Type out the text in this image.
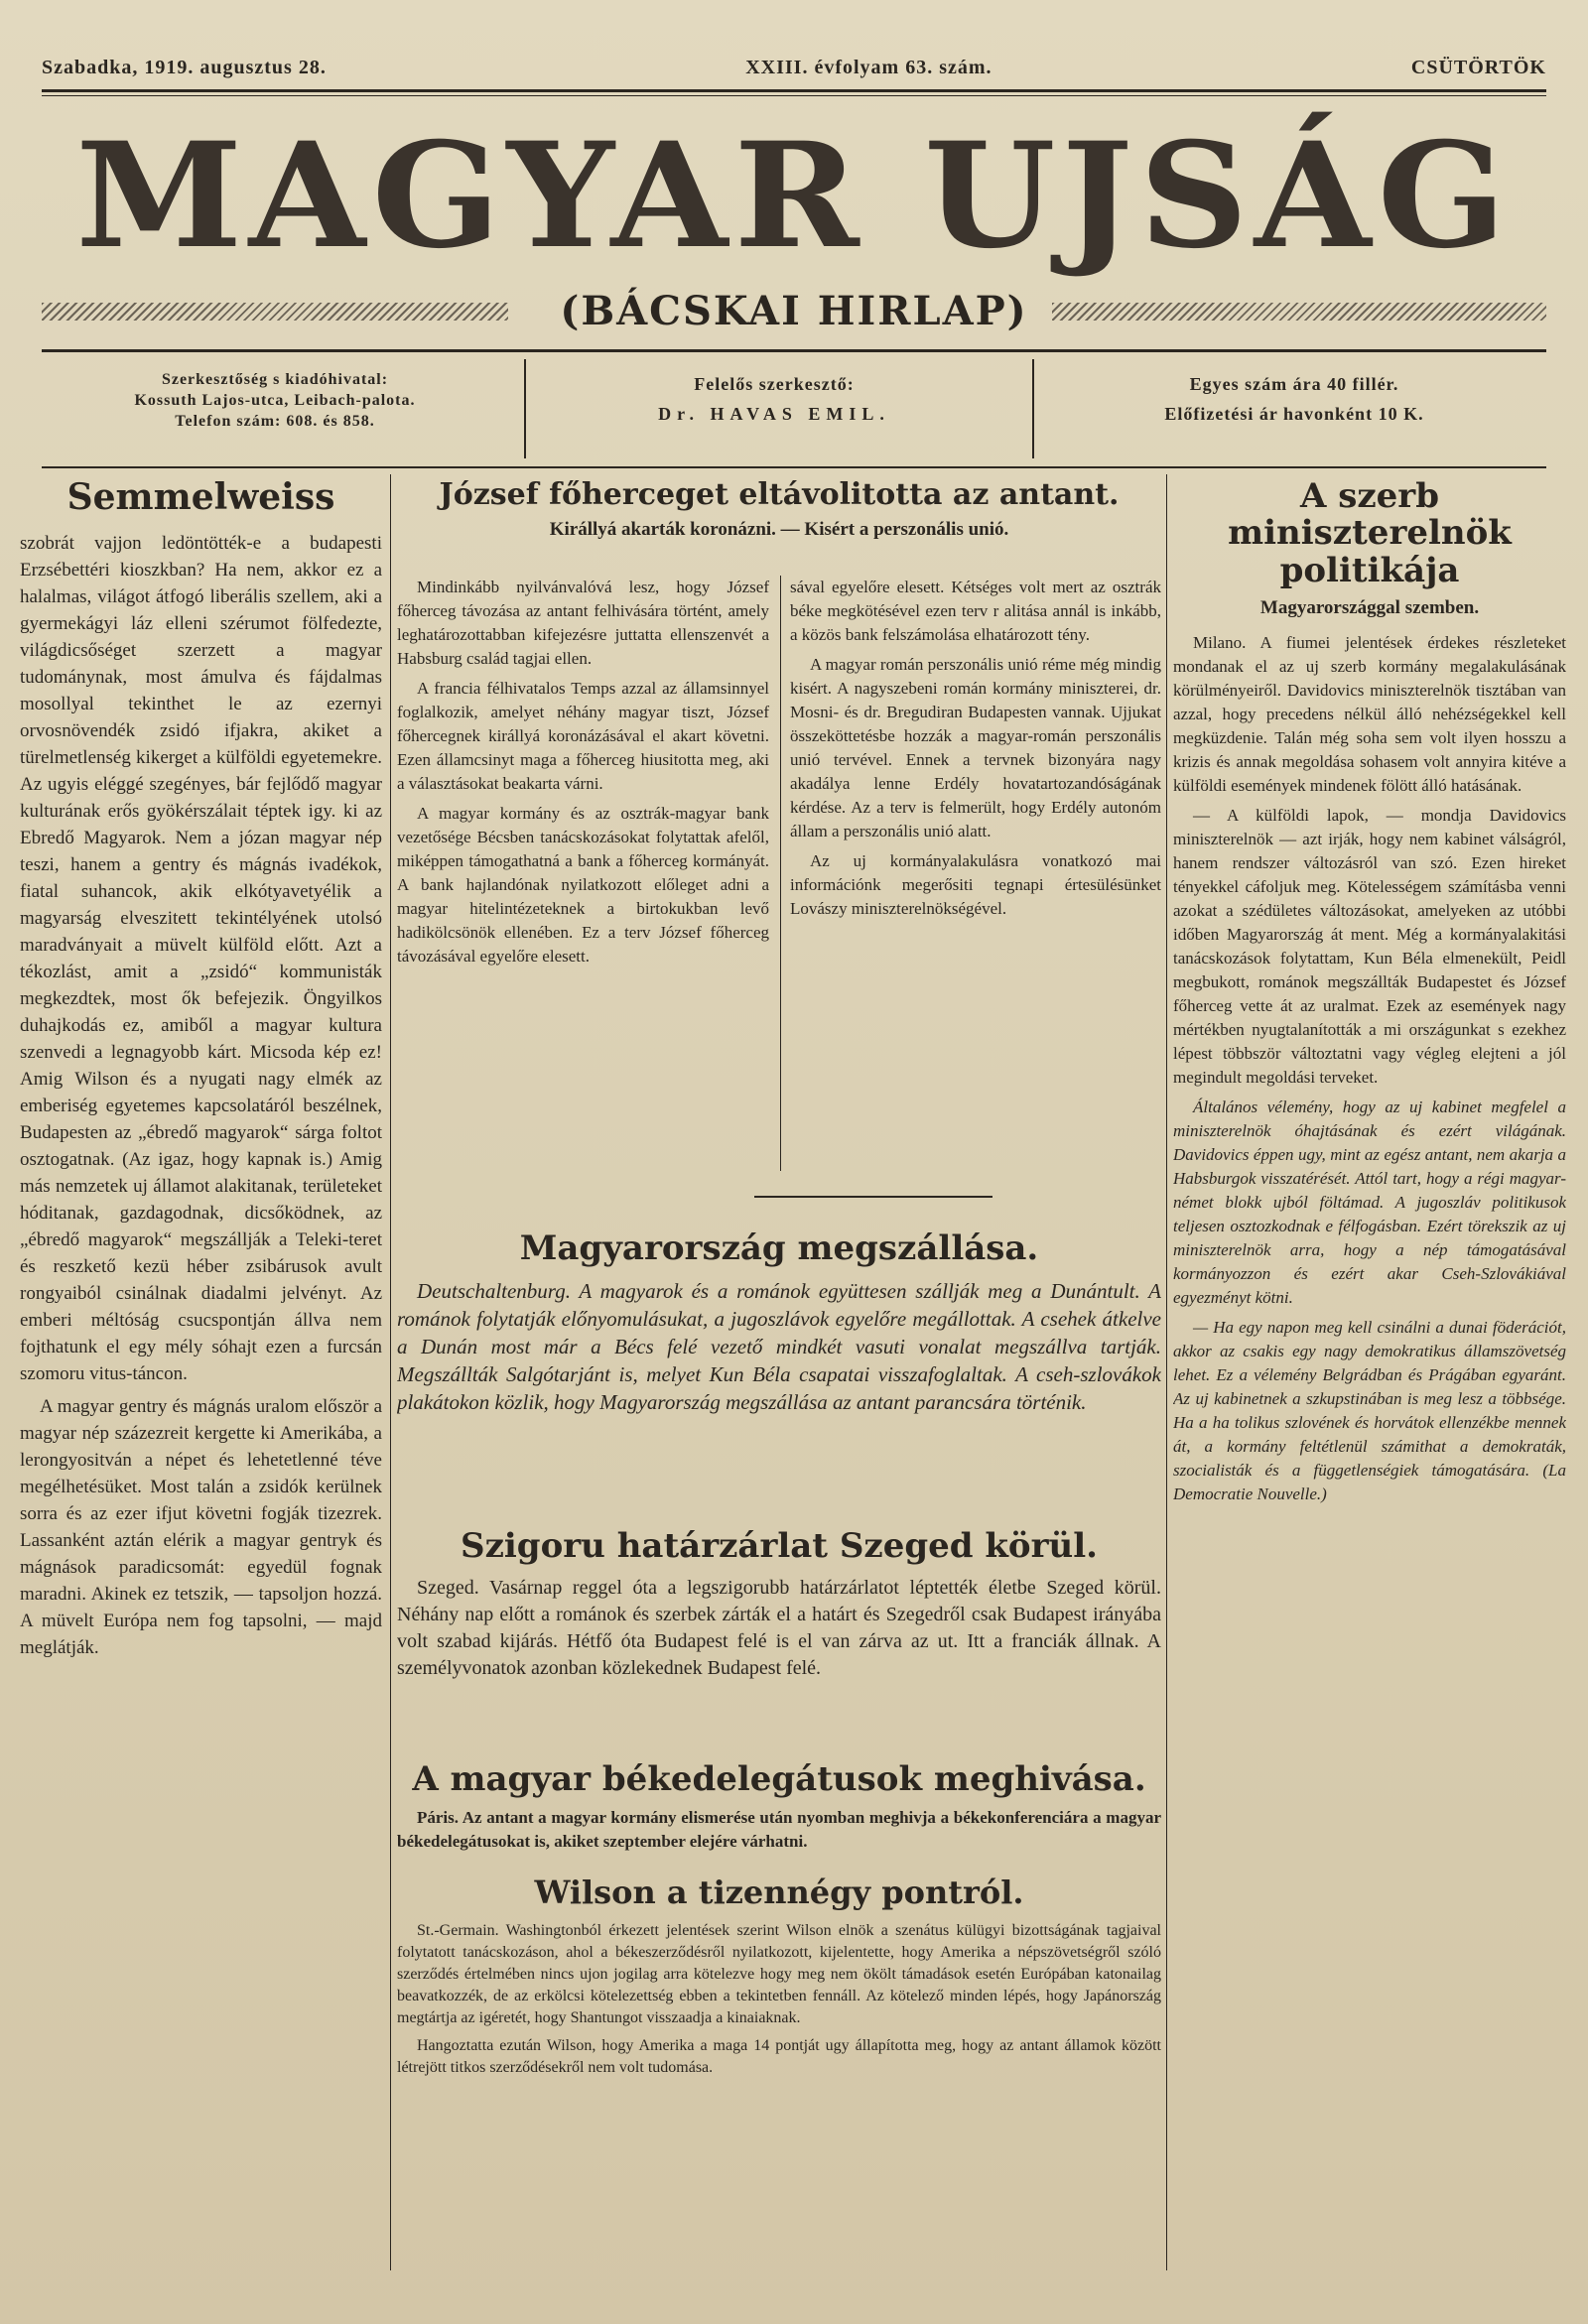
Szabadka, 1919. augusztus 28.	XXIII. évfolyam 63. szám.	CSÜTÖRTÖK
MAGYAR UJSÁG
(BÁCSKAI HIRLAP)
Szerkesztőség s kiadóhivatal:
Kossuth Lajos-utca, Leibach-palota.
Telefon szám: 608. és 858.
Felelős szerkesztő:
Dr. HAVAS EMIL.
Egyes szám ára 40 fillér.
Előfizetési ár havonként 10 K.
Semmelweiss

szobrát vajjon ledöntötték-e a budapesti Erzsébettéri kioszkban? Ha nem, akkor ez a halalmas, világot átfogó liberális szellem, aki a gyermekágyi láz elleni szérumot fölfedezte, világdicsőséget szerzett a magyar tudománynak, most ámulva és fájdalmas mosollyal tekinthet le az ezernyi orvosnövendék zsidó ifjakra, akiket a türelmetlenség kikerget a külföldi egyetemekre. Az ugyis eléggé szegényes, bár fejlődő magyar kulturának erős gyökérszálait téptek igy. ki az Ebredő Magyarok. Nem a józan magyar nép teszi, hanem a gentry és mágnás ivadékok, fiatal suhancok, akik elkótyavetyélik a magyarság elveszitett tekintélyének utolsó maradványait a müvelt külföld előtt. Azt a tékozlást, amit a „zsidó“ kommunisták megkezdtek, most ők befejezik. Öngyilkos duhajkodás ez, amiből a magyar kultura szenvedi a legnagyobb kárt. Micsoda kép ez! Amig Wilson és a nyugati nagy elmék az emberiség egyetemes kapcsolatáról beszélnek, Budapesten az „ébredő magyarok“ sárga foltot osztogatnak. (Az igaz, hogy kapnak is.) Amig más nemzetek uj államot alakitanak, területeket hóditanak, gazdagodnak, dicsőködnek, az „ébredő magyarok“ megszállják a Teleki-teret és reszkető kezü héber zsibárusok avult rongyaiból csinálnak diadalmi jelvényt. Az emberi méltóság csucspontján állva nem fojthatunk el egy mély sóhajt ezen a furcsán szomoru vitus-táncon.

A magyar gentry és mágnás uralom először a magyar nép százezreit kergette ki Amerikába, a lerongyositván a népet és lehetetlenné téve megélhetésüket. Most talán a zsidók kerülnek sorra és az ezer ifjut követni fogják tizezrek. Lassanként aztán elérik a magyar gentryk és mágnások paradicsomát: egyedül fognak maradni. Akinek ez tetszik, — tapsoljon hozzá. A müvelt Európa nem fog tapsolni, — majd meglátják.

József főherceget eltávolitotta az antant.
Királlyá akarták koronázni. — Kisért a perszonális unió.

Mindinkább nyilvánvalóvá lesz, hogy József főherceg távozása az antant felhivására történt, amely leghatározottabban kifejezésre juttatta ellenszenvét a Habsburg család tagjai ellen.

A francia félhivatalos Temps azzal az államsinnyel foglalkozik, amelyet néhány magyar tiszt, József főhercegnek királlyá koronázásával el akart követni. Ezen államcsinyt maga a főherceg hiusitotta meg, aki a választásokat beakarta várni.

A magyar kormány és az osztrák-magyar bank vezetősége Bécsben tanácskozásokat folytattak afelől, miképpen támogathatná a bank a főherceg kormányát. A bank hajlandónak nyilatkozott előleget adni a magyar hitelintézeteknek a birtokukban levő hadikölcsönök ellenében. Ez a terv József főherceg távozásával egyelőre elesett.

sával egyelőre elesett. Kétséges volt mert az osztrák béke megkötésével ezen terv r alitása annál is inkább, a közös bank felszámolása elhatározott tény.

A magyar román perszonális unió réme még mindig kisért. A nagyszebeni román kormány miniszterei, dr. Mosni- és dr. Bregudiran Budapesten vannak. Ujjukat összeköttetésbe hozzák a magyar-román perszonális unió tervével. Ennek a tervnek bizonyára nagy akadálya lenne Erdély hovatartozandóságának kérdése. Az a terv is felmerült, hogy Erdély autonóm állam a perszonális unió alatt.

Az uj kormányalakulásra vonatkozó mai információnk megerősiti tegnapi értesülésünket Lovászy miniszterelnökségével.

Magyarország megszállása.

Deutschaltenburg. A magyarok és a románok együttesen szállják meg a Dunántult. A románok folytatják előnyomulásukat, a jugoszlávok egyelőre megállottak. A csehek átkelve a Dunán most már a Bécs felé vezető mindkét vasuti vonalat megszállva tartják. Megszállták Salgótarjánt is, melyet Kun Béla csapatai visszafoglaltak. A cseh-szlovákok plakátokon közlik, hogy Magyarország megszállása az antant parancsára történik.

Szigoru határzárlat Szeged körül.

Szeged. Vasárnap reggel óta a legszigorubb határzárlatot léptették életbe Szeged körül. Néhány nap előtt a románok és szerbek zárták el a határt és Szegedről csak Budapest irányába volt szabad kijárás. Hétfő óta Budapest felé is el van zárva az ut. Itt a franciák állnak. A személyvonatok azonban közlekednek Budapest felé.

A magyar békedelegátusok meghivása.

Páris. Az antant a magyar kormány elismerése után nyomban meghivja a békekonferenciára a magyar békedelegátusokat is, akiket szeptember elejére várhatni.

Wilson a tizennégy pontról.

St.-Germain. Washingtonból érkezett jelentések szerint Wilson elnök a szenátus külügyi bizottságának tagjaival folytatott tanácskozáson, ahol a békeszerződésről nyilatkozott, kijelentette, hogy Amerika a népszövetségről szóló szerződés értelmében nincs ujon jogilag arra kötelezve hogy meg nem ökölt támadások esetén Európában katonailag beavatkozzék, de az erkölcsi kötelezettség ebben a tekintetben fennáll. Az kötelező minden lépés, hogy Japánország megtártja az igéretét, hogy Shantungot visszaadja a kinaiaknak.

Hangoztatta ezután Wilson, hogy Amerika a maga 14 pontját ugy állapította meg, hogy az antant államok között létrejött titkos szerződésekről nem volt tudomása.

A szerb miniszterelnök politikája
Magyarországgal szemben.

Milano. A fiumei jelentések érdekes részleteket mondanak el az uj szerb kormány megalakulásának körülményeiről. Davidovics miniszterelnök tisztában van azzal, hogy precedens nélkül álló nehézségekkel kell megküzdenie. Talán még soha sem volt ilyen hosszu a krizis és annak megoldása sohasem volt annyira kitéve a külföldi események mindenek fölött álló hatásának.

— A külföldi lapok, — mondja Davidovics miniszterelnök — azt irják, hogy nem kabinet válságról, hanem rendszer változásról van szó. Ezen hireket tényekkel cáfoljuk meg. Kötelességem számításba venni azokat a szédületes változásokat, amelyeken az utóbbi időben Magyarország át ment. Még a kormányalakitási tanácskozások folytattam, Kun Béla elmenekült, Peidl megbukott, románok megszállták Budapestet és József főherceg vette át az uralmat. Ezek az események nagy mértékben nyugtalanították a mi országunkat s ezekhez lépest többször változtatni vagy végleg elejteni a jól megindult megoldási terveket.

Általános vélemény, hogy az uj kabinet megfelel a miniszterelnök óhajtásának és ezért világának. Davidovics éppen ugy, mint az egész antant, nem akarja a Habsburgok visszatérését. Attól tart, hogy a régi magyar-német blokk ujból föltámad. A jugoszláv politikusok teljesen osztozkodnak e félfogásban. Ezért törekszik az uj miniszterelnök arra, hogy a nép támogatásával kormányozzon és ezért akar Cseh-Szlovákiával egyezményt kötni.

— Ha egy napon meg kell csinálni a dunai föderációt, akkor az csakis egy nagy demokratikus államszövetség lehet. Ez a vélemény Belgrádban és Prágában egyaránt. Az uj kabinetnek a szkupstinában is meg lesz a többsége. Ha a ha tolikus szlovének és horvátok ellenzékbe mennek át, a kormány feltétlenül számithat a demokraták, szocialisták és a függetlenségiek támogatására. (La Democratie Nouvelle.)
